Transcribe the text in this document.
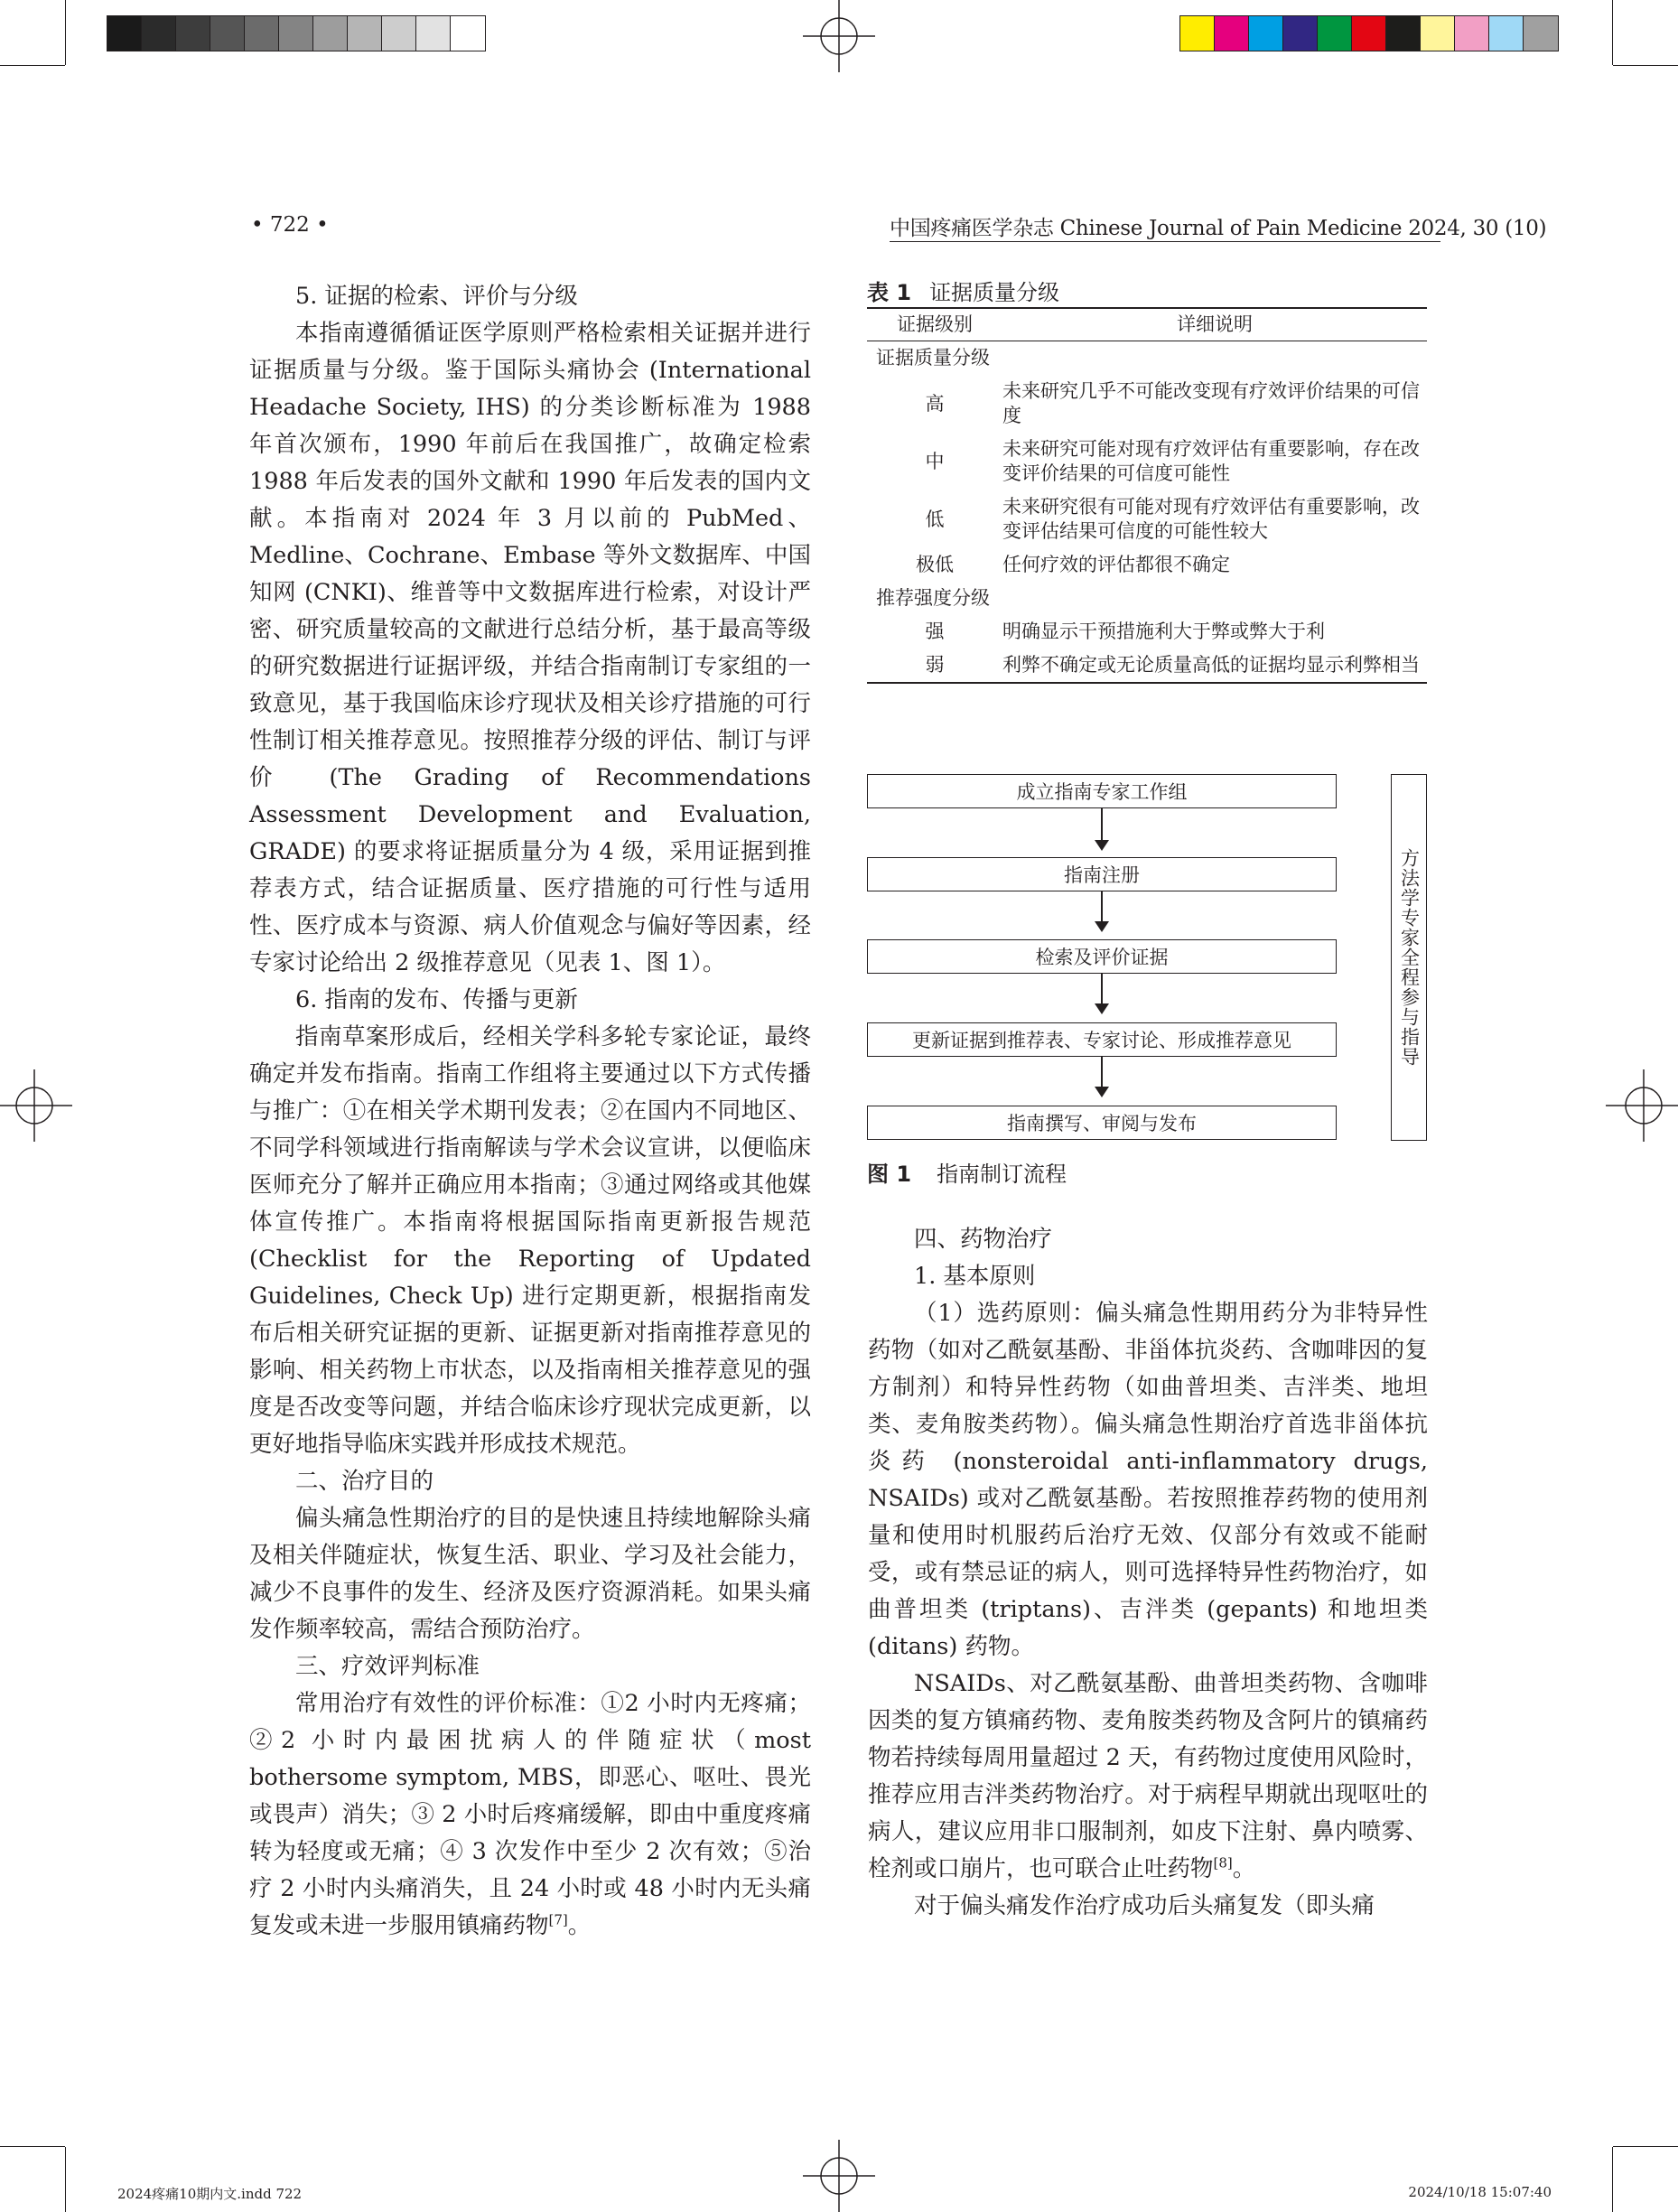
• 722 •	中国疼痛医学杂志 Chinese Journal of Pain Medicine 2024, 30 (10)

5. 证据的检索、评价与分级

本指南遵循循证医学原则严格检索相关证据并进行证据质量与分级。鉴于国际头痛协会 (International Headache Society, IHS) 的分类诊断标准为 1988 年首次颁布，1990 年前后在我国推广，故确定检索 1988 年后发表的国外文献和 1990 年后发表的国内文献。本指南对 2024 年 3 月以前的 PubMed、Medline、Cochrane、Embase 等外文数据库、中国知网 (CNKI)、维普等中文数据库进行检索，对设计严密、研究质量较高的文献进行总结分析，基于最高等级的研究数据进行证据评级，并结合指南制订专家组的一致意见，基于我国临床诊疗现状及相关诊疗措施的可行性制订相关推荐意见。按照推荐分级的评估、制订与评价 (The Grading of Recommendations Assessment Development and Evaluation, GRADE) 的要求将证据质量分为 4 级，采用证据到推荐表方式，结合证据质量、医疗措施的可行性与适用性、医疗成本与资源、病人价值观念与偏好等因素，经专家讨论给出 2 级推荐意见（见表 1、图 1）。

6. 指南的发布、传播与更新

指南草案形成后，经相关学科多轮专家论证，最终确定并发布指南。指南工作组将主要通过以下方式传播与推广：①在相关学术期刊发表；②在国内不同地区、不同学科领域进行指南解读与学术会议宣讲，以便临床医师充分了解并正确应用本指南；③通过网络或其他媒体宣传推广。本指南将根据国际指南更新报告规范 (Checklist for the Reporting of Updated Guidelines, Check Up) 进行定期更新，根据指南发布后相关研究证据的更新、证据更新对指南推荐意见的影响、相关药物上市状态，以及指南相关推荐意见的强度是否改变等问题，并结合临床诊疗现状完成更新，以更好地指导临床实践并形成技术规范。

二、治疗目的

偏头痛急性期治疗的目的是快速且持续地解除头痛及相关伴随症状，恢复生活、职业、学习及社会能力，减少不良事件的发生、经济及医疗资源消耗。如果头痛发作频率较高，需结合预防治疗。

三、疗效评判标准

常用治疗有效性的评价标准：①2 小时内无疼痛；②2 小时内最困扰病人的伴随症状（most bothersome symptom, MBS，即恶心、呕吐、畏光或畏声）消失；③ 2 小时后疼痛缓解，即由中重度疼痛转为轻度或无痛；④ 3 次发作中至少 2 次有效；⑤治疗 2 小时内头痛消失，且 24 小时或 48 小时内无头痛复发或未进一步服用镇痛药物[7]。

表 1 证据质量分级
证据级别	详细说明
证据质量分级	
高	未来研究几乎不可能改变现有疗效评价结果的可信度
中	未来研究可能对现有疗效评估有重要影响，存在改变评价结果的可信度可能性
低	未来研究很有可能对现有疗效评估有重要影响，改变评估结果可信度的可能性较大
极低	任何疗效的评估都很不确定
推荐强度分级	
强	明确显示干预措施利大于弊或弊大于利
弱	利弊不确定或无论质量高低的证据均显示利弊相当
成立指南专家工作组
指南注册
检索及评价证据
更新证据到推荐表、专家讨论、形成推荐意见
指南撰写、审阅与发布
方法学专家全程参与指导
图 1 指南制订流程

四、药物治疗

1. 基本原则

（1）选药原则：偏头痛急性期用药分为非特异性药物（如对乙酰氨基酚、非甾体抗炎药、含咖啡因的复方制剂）和特异性药物（如曲普坦类、吉泮类、地坦类、麦角胺类药物）。偏头痛急性期治疗首选非甾体抗炎药 (nonsteroidal anti-inflammatory drugs, NSAIDs) 或对乙酰氨基酚。若按照推荐药物的使用剂量和使用时机服药后治疗无效、仅部分有效或不能耐受，或有禁忌证的病人，则可选择特异性药物治疗，如曲普坦类 (triptans)、吉泮类 (gepants) 和地坦类 (ditans) 药物。

NSAIDs、对乙酰氨基酚、曲普坦类药物、含咖啡因类的复方镇痛药物、麦角胺类药物及含阿片的镇痛药物若持续每周用量超过 2 天，有药物过度使用风险时，推荐应用吉泮类药物治疗。对于病程早期就出现呕吐的病人，建议应用非口服制剂，如皮下注射、鼻内喷雾、栓剂或口崩片，也可联合止吐药物[8]。

对于偏头痛发作治疗成功后头痛复发（即头痛

2024疼痛10期内文.indd 722	2024/10/18 15:07:40
